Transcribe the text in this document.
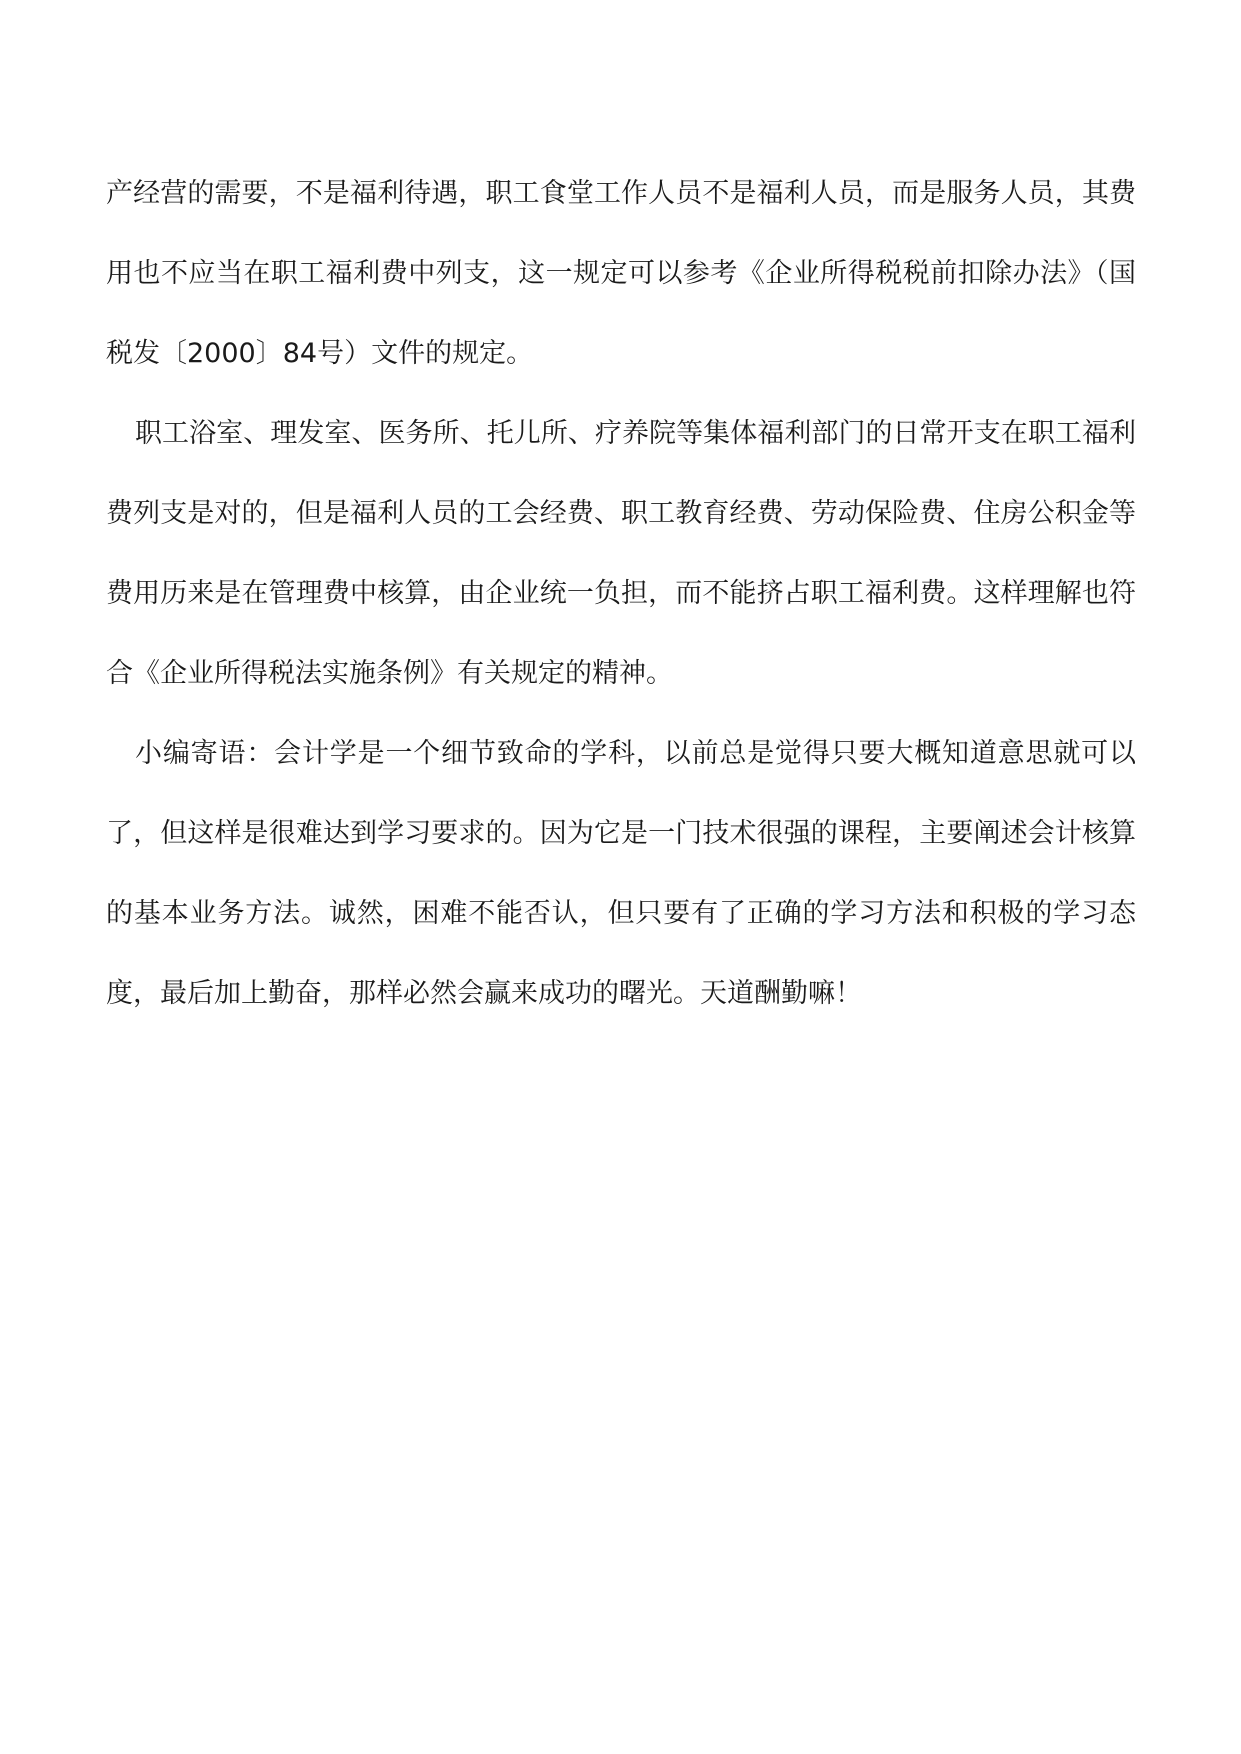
产经营的需要，不是福利待遇，职工食堂工作人员不是福利人员，而是服务人员，其费用也不应当在职工福利费中列支，这一规定可以参考《企业所得税税前扣除办法》（国税发〔2000〕84号）文件的规定。

职工浴室、理发室、医务所、托儿所、疗养院等集体福利部门的日常开支在职工福利费列支是对的，但是福利人员的工会经费、职工教育经费、劳动保险费、住房公积金等费用历来是在管理费中核算，由企业统一负担，而不能挤占职工福利费。这样理解也符合《企业所得税法实施条例》有关规定的精神。

小编寄语：会计学是一个细节致命的学科，以前总是觉得只要大概知道意思就可以了，但这样是很难达到学习要求的。因为它是一门技术很强的课程，主要阐述会计核算的基本业务方法。诚然，困难不能否认，但只要有了正确的学习方法和积极的学习态度，最后加上勤奋，那样必然会赢来成功的曙光。天道酬勤嘛！
